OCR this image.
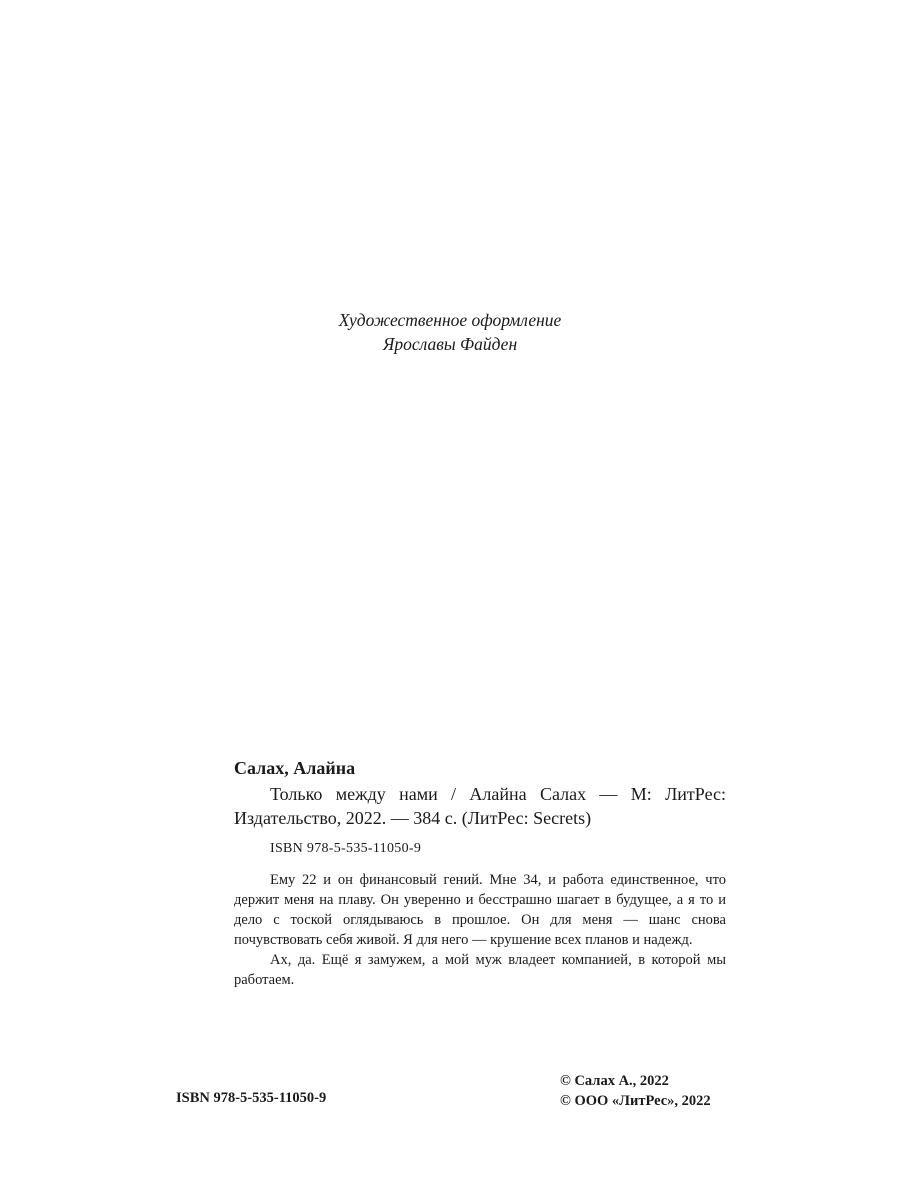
Художественное оформление
Ярославы Файден
Салах, Алайна
Только между нами / Алайна Салах — М: ЛитРес: Издательство, 2022. — 384 с. (ЛитРес: Secrets)
ISBN 978-5-535-11050-9

Ему 22 и он финансовый гений. Мне 34, и работа единственное, что держит меня на плаву. Он уверенно и бесстрашно шагает в будущее, а я то и дело с тоской оглядываюсь в прошлое. Он для меня — шанс снова почувствовать себя живой. Я для него — крушение всех планов и надежд.

Ах, да. Ещё я замужем, а мой муж владеет компанией, в которой мы работаем.

ISBN 978-5-535-11050-9
© Салах А., 2022
© ООО «ЛитРес», 2022
